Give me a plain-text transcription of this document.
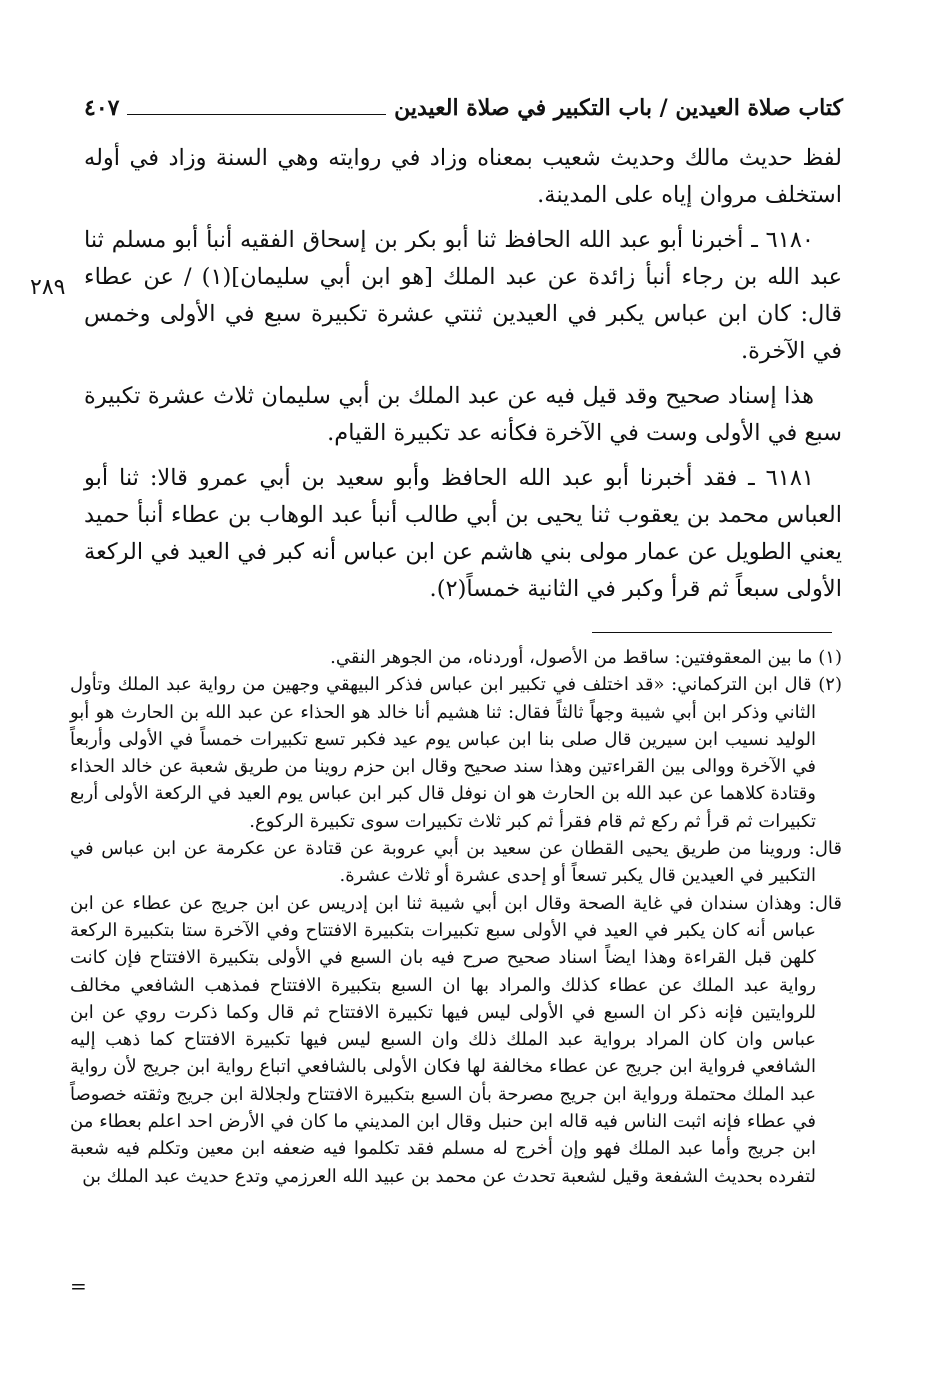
كتاب صلاة العيدين / باب التكبير في صلاة العيدين
٤٠٧
٢٨٩

لفظ حديث مالك وحديث شعيب بمعناه وزاد في روايته وهي السنة وزاد في أوله استخلف مروان إياه على المدينة.

٦١٨٠ ـ أخبرنا أبو عبد الله الحافظ ثنا أبو بكر بن إسحاق الفقيه أنبأ أبو مسلم ثنا عبد الله بن رجاء أنبأ زائدة عن عبد الملك [هو ابن أبي سليمان](١) / عن عطاء قال: كان ابن عباس يكبر في العيدين ثنتي عشرة تكبيرة سبع في الأولى وخمس في الآخرة.

هذا إسناد صحيح وقد قيل فيه عن عبد الملك بن أبي سليمان ثلاث عشرة تكبيرة سبع في الأولى وست في الآخرة فكأنه عد تكبيرة القيام.

٦١٨١ ـ فقد أخبرنا أبو عبد الله الحافظ وأبو سعيد بن أبي عمرو قالا: ثنا أبو العباس محمد بن يعقوب ثنا يحيى بن أبي طالب أنبأ عبد الوهاب بن عطاء أنبأ حميد يعني الطويل عن عمار مولى بني هاشم عن ابن عباس أنه كبر في العيد في الركعة الأولى سبعاً ثم قرأ وكبر في الثانية خمساً(٢).

(١) ما بين المعقوفتين: ساقط من الأصول، أوردناه، من الجوهر النقي.

(٢) قال ابن التركماني: «قد اختلف في تكبير ابن عباس فذكر البيهقي وجهين من رواية عبد الملك وتأول الثاني وذكر ابن أبي شيبة وجهاً ثالثاً فقال: ثنا هشيم أنا خالد هو الحذاء عن عبد الله بن الحارث هو أبو الوليد نسيب ابن سيرين قال صلى بنا ابن عباس يوم عيد فكبر تسع تكبيرات خمساً في الأولى وأربعاً في الآخرة ووالى بين القراءتين وهذا سند صحيح وقال ابن حزم روينا من طريق شعبة عن خالد الحذاء وقتادة كلاهما عن عبد الله بن الحارث هو ان نوفل قال كبر ابن عباس يوم العيد في الركعة الأولى أربع تكبيرات ثم قرأ ثم ركع ثم قام فقرأ ثم كبر ثلاث تكبيرات سوى تكبيرة الركوع.

قال: وروينا من طريق يحيى القطان عن سعيد بن أبي عروبة عن قتادة عن عكرمة عن ابن عباس في التكبير في العيدين قال يكبر تسعاً أو إحدى عشرة أو ثلاث عشرة.

قال: وهذان سندان في غاية الصحة وقال ابن أبي شيبة ثنا ابن إدريس عن ابن جريج عن عطاء عن ابن عباس أنه كان يكبر في العيد في الأولى سبع تكبيرات بتكبيرة الافتتاح وفي الآخرة ستا بتكبيرة الركعة كلهن قبل القراءة وهذا ايضاً اسناد صحيح صرح فيه بان السبع في الأولى بتكبيرة الافتتاح فإن كانت رواية عبد الملك عن عطاء كذلك والمراد بها ان السبع بتكبيرة الافتتاح فمذهب الشافعي مخالف للروايتين فإنه ذكر ان السبع في الأولى ليس فيها تكبيرة الافتتاح ثم قال وكما ذكرت روي عن ابن عباس وان كان المراد برواية عبد الملك ذلك وان السبع ليس فيها تكبيرة الافتتاح كما ذهب إليه الشافعي فرواية ابن جريج عن عطاء مخالفة لها فكان الأولى بالشافعي اتباع رواية ابن جريج لأن رواية عبد الملك محتملة ورواية ابن جريج مصرحة بأن السبع بتكبيرة الافتتاح ولجلالة ابن جريج وثقته خصوصاً في عطاء فإنه اثبت الناس فيه قاله ابن حنبل وقال ابن المديني ما كان في الأرض احد اعلم بعطاء من ابن جريج وأما عبد الملك فهو وإن أخرج له مسلم فقد تكلموا فيه ضعفه ابن معين وتكلم فيه شعبة لتفرده بحديث الشفعة وقيل لشعبة تحدث عن محمد بن عبيد الله العرزمي وتدع حديث عبد الملك بن

=
